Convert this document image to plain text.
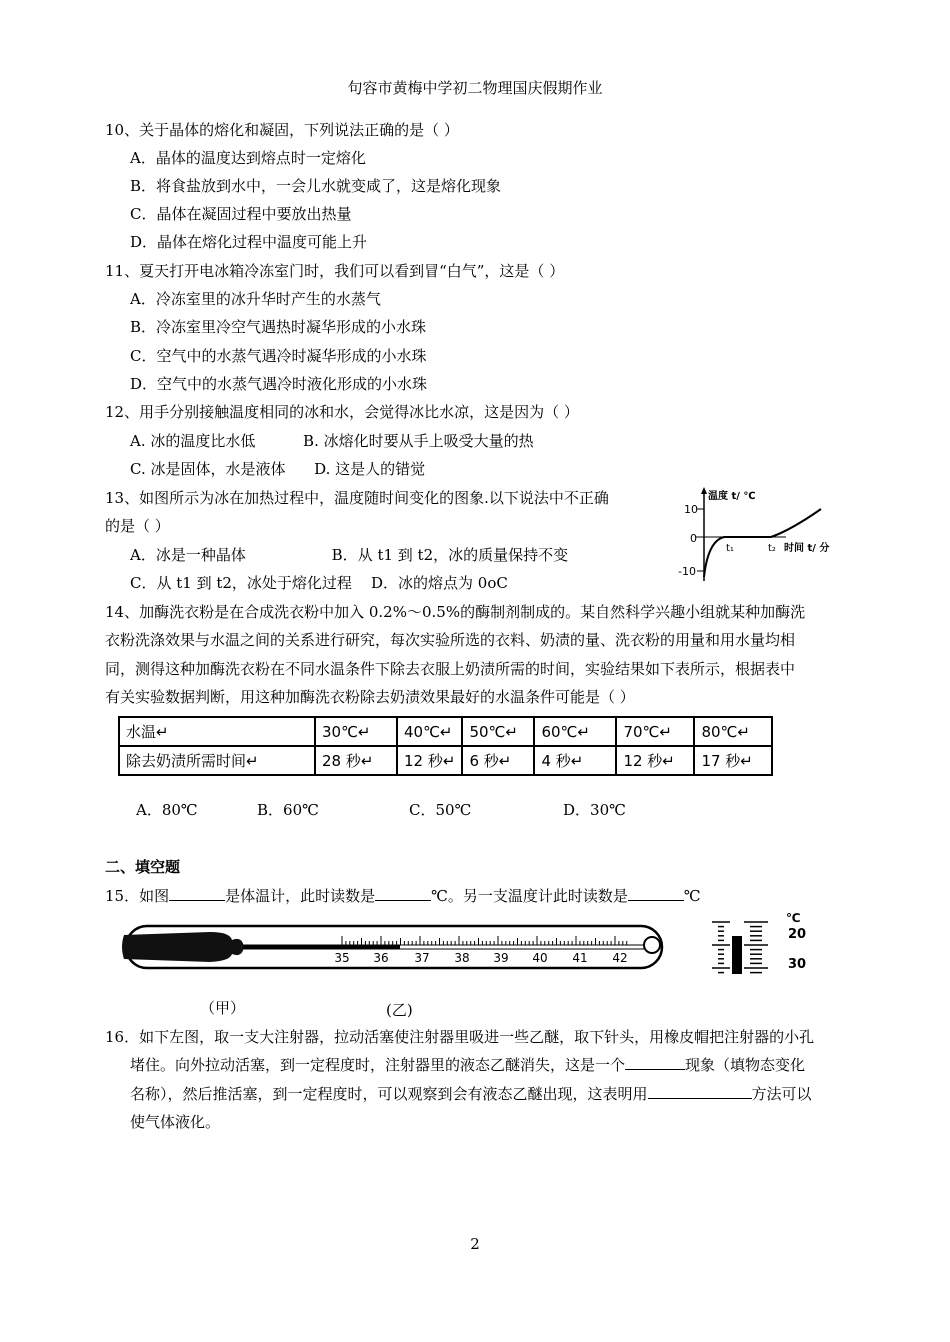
句容市黄梅中学初二物理国庆假期作业
10、关于晶体的熔化和凝固，下列说法正确的是（ ）
A．晶体的温度达到熔点时一定熔化
B．将食盐放到水中，一会儿水就变咸了，这是熔化现象
C．晶体在凝固过程中要放出热量
D．晶体在熔化过程中温度可能上升
11、夏天打开电冰箱冷冻室门时，我们可以看到冒“白气”，这是（ ）
A．冷冻室里的冰升华时产生的水蒸气
B．冷冻室里冷空气遇热时凝华形成的小水珠
C．空气中的水蒸气遇冷时凝华形成的小水珠
D．空气中的水蒸气遇冷时液化形成的小水珠
12、用手分别接触温度相同的冰和水，会觉得冰比水凉，这是因为（ ）
A. 冰的温度比水低          B. 冰熔化时要从手上吸受大量的热
C. 冰是固体，水是液体      D. 这是人的错觉
13、如图所示为冰在加热过程中，温度随时间变化的图象.以下说法中不正确
的是（ ）
A．冰是一种晶体                  B．从 t1 到 t2，冰的质量保持不变
C．从 t1 到 t2，冰处于熔化过程    D．冰的熔点为 0oC
温度 t/ ℃
10
0
-10
t₁	t₂ 时间 t/ 分
14、加酶洗衣粉是在合成洗衣粉中加入 0.2%～0.5%的酶制剂制成的。某自然科学兴趣小组就某种加酶洗
衣粉洗涤效果与水温之间的关系进行研究，每次实验所选的衣料、奶渍的量、洗衣粉的用量和用水量均相
同，测得这种加酶洗衣粉在不同水温条件下除去衣服上奶渍所需的时间，实验结果如下表所示，根据表中
有关实验数据判断，用这种加酶洗衣粉除去奶渍效果最好的水温条件可能是（ ）
水温↵	30℃↵	40℃↵	50℃↵	60℃↵	70℃↵	80℃↵
除去奶渍所需时间↵	28 秒↵	12 秒↵	6 秒↵	4 秒↵	12 秒↵	17 秒↵
A．80℃	B．60℃	C．50℃	D．30℃
二、填空题
15．如图	是体温计，此时读数是	℃。另一支温度计此时读数是	℃
35 36 37 38 39 40 41 42
℃
20
30
（甲）	(乙)
16．如下左图，取一支大注射器，拉动活塞使注射器里吸进一些乙醚，取下针头，用橡皮帽把注射器的小孔
堵住。向外拉动活塞，到一定程度时，注射器里的液态乙醚消失，这是一个	现象（填物态变化
名称），然后推活塞，到一定程度时，可以观察到会有液态乙醚出现，这表明用	方法可以
使气体液化。
2
